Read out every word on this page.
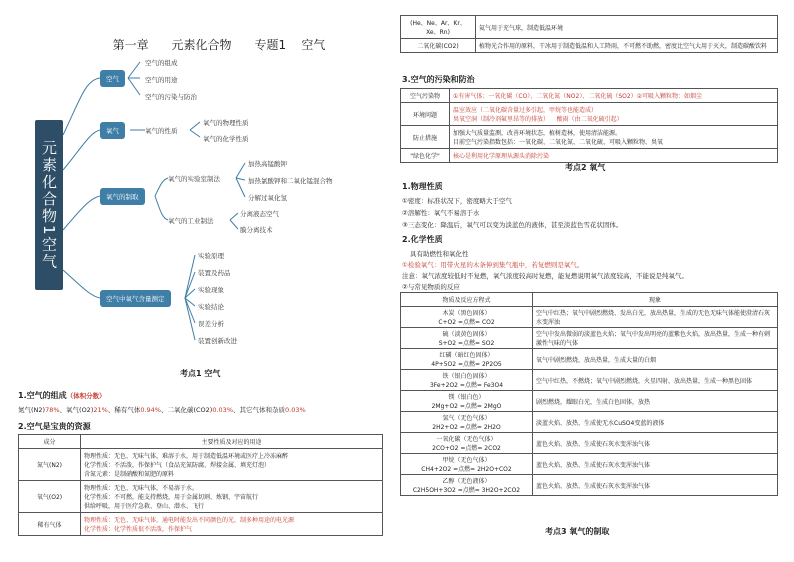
第一章 元素化合物 专题1 空气

元素化合物1空气
空气
空气的组成
空气的用途
空气的污染与防治
氧气	氧气的性质
氧气的物理性质
氧气的化学性质
氧气的制取
氧气的实验室制法
加热高锰酸钾
加热氯酸钾和二氧化锰混合物
分解过氧化氢
氧气的工业制法
分离液态空气
膜分离技术
空气中氧气含量测定
实验原理
装置及药品
实验现象
实验结论
误差分析
装置创新改进
考点1 空气
1.空气的组成（体积分数）
氮气(N2)78%、氧气(O2)21%、稀有气体0.94%、二氧化碳(CO2)0.03%、其它气体和杂质0.03%
2.空气是宝贵的资源
成分	主要性质及对应的用途
氮气(N2)	物理性质：无色、无味气体，难溶于水，用于制造低温环境或医疗上冷冻麻醉
化学性质：不活泼，作保护气（食品充氮防腐、焊接金属、填充灯泡）
含氮元素：是制硝酸和氮肥的原料

氧气(O2)	物理性质：无色、无味气体，不易溶于水。
化学性质：不可燃，能支持燃烧，用于金属切割、炼钢、宇宙航行
供给呼吸，用于医疗急救、登山、潜水、飞行

稀有气体	物理性质：无色、无味气体，通电时能发出不同颜色的光，制多种用途的电光源
化学性质：化学性质很不活泼，作保护气
(He、Ne、Ar、Kr、Xe、Rn)	氦气用于充气球，制造低温环境
二氧化碳(CO2)	植物光合作用的原料，干冰用于制造低温和人工降雨，不可燃不助燃，密度比空气大用于灭火，制造碳酸饮料
3.空气的污染和防治
空气污染物	①有害气体：一氧化碳（CO）、二氧化氮（NO2）、二氧化硫（SO2）②可吸入颗粒物：如烟尘
环境问题	温室效应（二氧化碳含量过多引起，甲烷等也能造成）
臭氧空洞（制冷剂氟里昂等的排放） 酸雨（由二氧化硫引起）

防止措施	加强大气质量监测，改善环境状态，植树造林，使用清洁能源。
目前空气污染指数包括：一氧化碳、二氧化氮、二氧化硫、可吸入颗粒物、臭氧

"绿色化学"	核心是利用化学原理从源头消除污染
考点2 氧气
1.物理性质
①密度：标准状况下，密度略大于空气
②溶解性：氧气不易溶于水
③三态变化：降温后，氧气可以变为淡蓝色的液体，甚至淡蓝色雪花状固体。
2.化学性质
具有助燃性和氧化性
①检验氧气：用带火星的木条伸到集气瓶中，若复燃则是氧气。
注意：氧气浓度较低时不复燃，氧气浓度较高时复燃，能复燃说明氧气浓度较高，不能说是纯氧气。
②与常见物质的反应
物质及反应方程式	现象

木炭（黑色固体）
C+O2 =点燃= CO2	空气中红热；氧气中剧烈燃烧、发出白光，放出热量，生成的无色无味气体能使澄清石灰水变浑浊

硫（淡黄色固体）
S+O2 =点燃= SO2	空气中发出微弱的淡蓝色火焰；氧气中发出明亮的蓝紫色火焰，放出热量，生成一种有刺激性气味的气体

红磷（暗红色固体）
4P+5O2 =点燃= 2P2O5	氧气中剧烈燃烧，放出热量，生成大量的白烟

铁（银白色固体）
3Fe+2O2 =点燃= Fe3O4	空气中红热，不燃烧；氧气中剧烈燃烧，火星四射，放出热量，生成一种黑色固体

镁（银白色）
2Mg+O2 =点燃= 2MgO	剧烈燃烧，耀眼白光，生成白色固体，放热

氢气（无色气体）
2H2+O2 =点燃= 2H2O	淡蓝火焰、放热、生成使无水CuSO4变蓝的液体

一氧化碳（无色气体）
2CO+O2 =点燃= 2CO2	蓝色火焰、放热、生成使石灰水变浑浊气体

甲烷（无色气体）
CH4+2O2 =点燃= 2H2O+CO2	蓝色火焰、放热、生成使石灰水变浑浊气体

乙醇（无色液体）
C2H5OH+3O2 =点燃= 3H2O+2CO2	蓝色火焰、放热、生成使石灰水变浑浊气体
考点3 氧气的制取
